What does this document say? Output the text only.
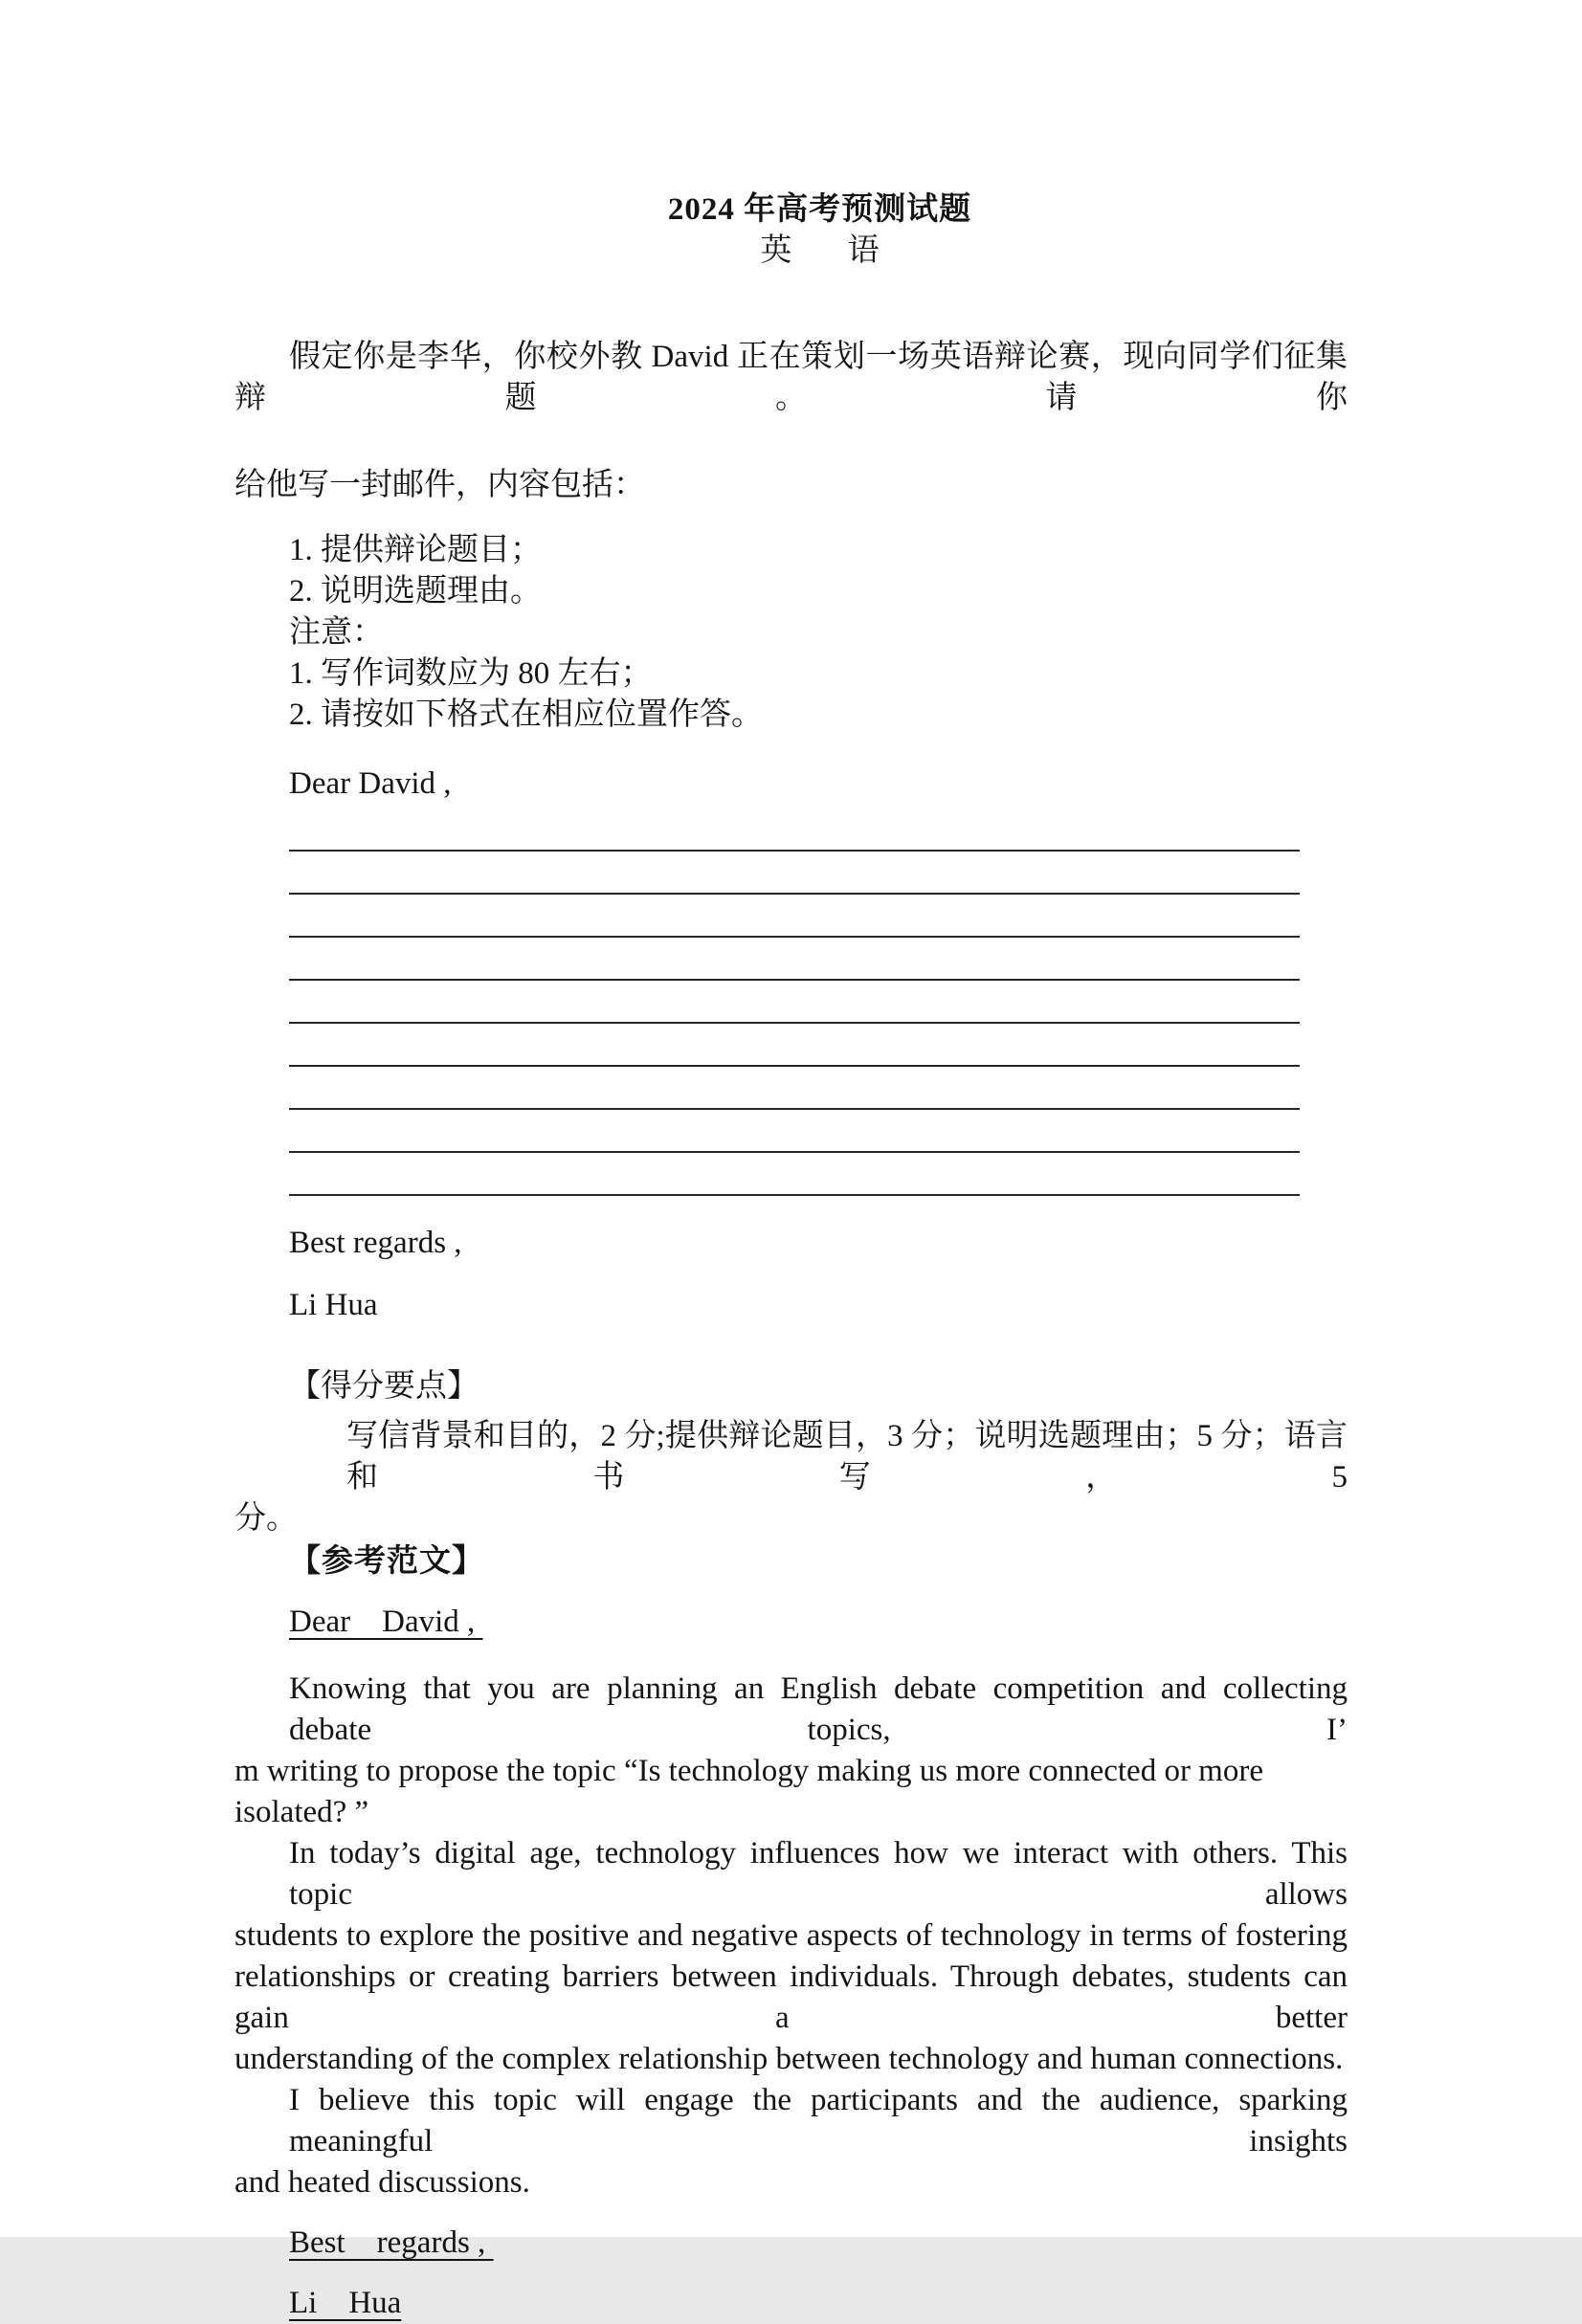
2024 年高考预测试题
英 语
假定你是李华，你校外教 David 正在策划一场英语辩论赛，现向同学们征集辩题。请你
给他写一封邮件，内容包括：
1. 提供辩论题目；
2. 说明选题理由。
注意：
1. 写作词数应为 80 左右；
2. 请按如下格式在相应位置作答。
Dear David ,
Best regards ,
Li Hua
【得分要点】
写信背景和目的，2 分;提供辩论题目，3 分；说明选题理由；5 分；语言和书写，5
分。
【参考范文】
Dear    David ,
Knowing that you are planning an English debate competition and collecting debate topics, I’
m writing to propose the topic “Is technology making us more connected or more isolated? ”
In today’s digital age, technology influences how we interact with others. This topic allows
students to explore the positive and negative aspects of technology in terms of fostering
relationships or creating barriers between individuals. Through debates, students can gain a better
understanding of the complex relationship between technology and human connections.
I believe this topic will engage the participants and the audience, sparking meaningful insights
and heated discussions.
Best    regards ,
Li    Hua
